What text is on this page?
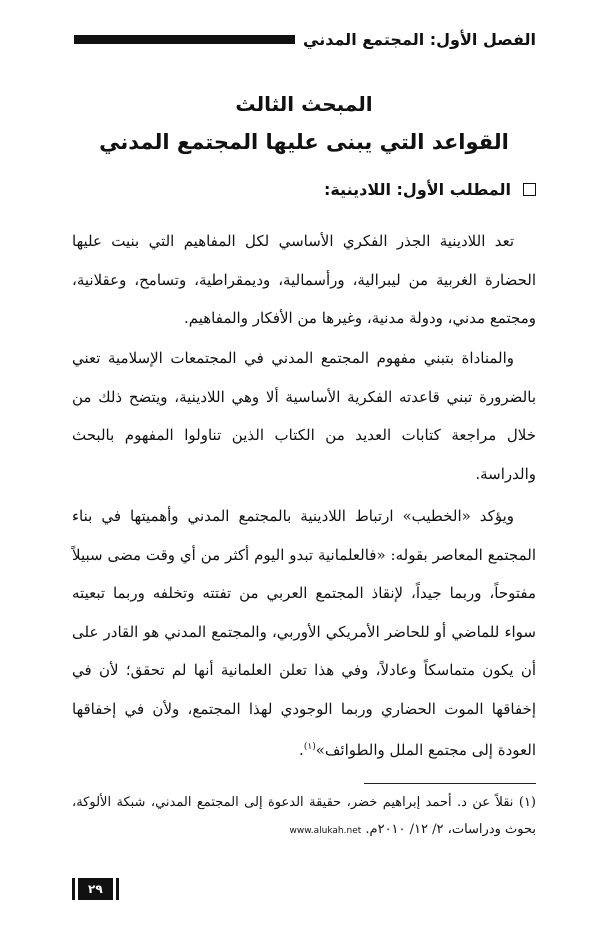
الفصل الأول: المجتمع المدني
المبحث الثالث
القواعد التي يبنى عليها المجتمع المدني
المطلب الأول: اللادينية:

تعد اللادينية الجذر الفكري الأساسي لكل المفاهيم التي بنيت عليها الحضارة الغربية من ليبرالية، ورأسمالية، وديمقراطية، وتسامح، وعقلانية، ومجتمع مدني، ودولة مدنية، وغيرها من الأفكار والمفاهيم.

والمناداة بتبني مفهوم المجتمع المدني في المجتمعات الإسلامية تعني بالضرورة تبني قاعدته الفكرية الأساسية ألا وهي اللادينية، ويتضح ذلك من خلال مراجعة كتابات العديد من الكتاب الذين تناولوا المفهوم بالبحث والدراسة.

ويؤكد «الخطيب» ارتباط اللادينية بالمجتمع المدني وأهميتها في بناء المجتمع المعاصر بقوله: «فالعلمانية تبدو اليوم أكثر من أي وقت مضى سبيلاً مفتوحاً، وربما جيداً، لإنقاذ المجتمع العربي من تفتته وتخلفه وربما تبعيته سواء للماضي أو للحاضر الأمريكي الأوربي، والمجتمع المدني هو القادر على أن يكون متماسكاً وعادلاً، وفي هذا تعلن العلمانية أنها لم تحقق؛ لأن في إخفاقها الموت الحضاري وربما الوجودي لهذا المجتمع، ولأن في إخفاقها العودة إلى مجتمع الملل والطوائف»$^{(١)}$.

(١) نقلاً عن د. أحمد إبراهيم خضر، حقيقة الدعوة إلى المجتمع المدني، شبكة الألوكة، بحوث ودراسات، ٢/ ١٢/ ٢٠١٠م. www.alukah.net
٢٩
